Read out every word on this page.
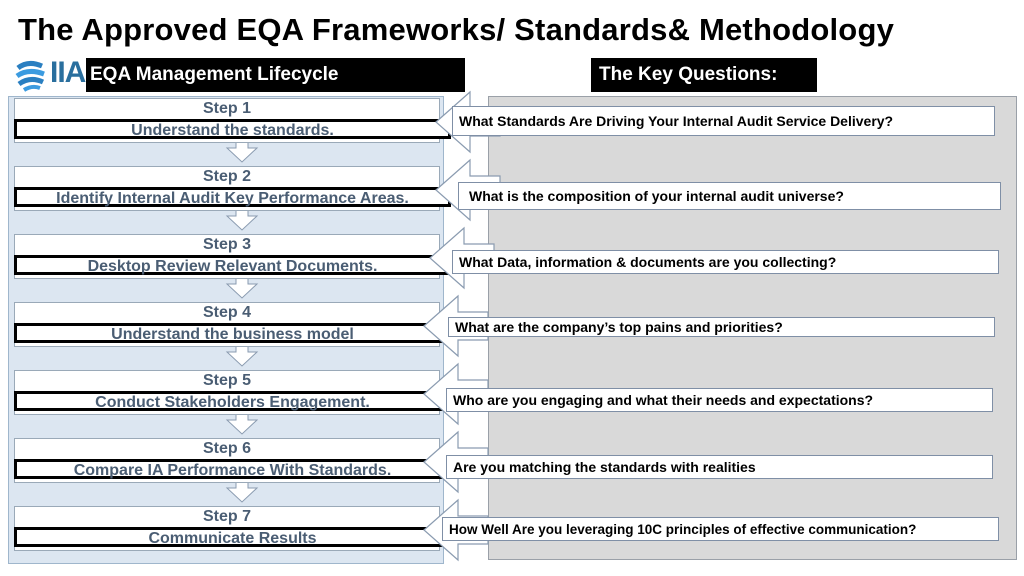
The Approved EQA Frameworks/ Standards& Methodology
IIA EQA Management Lifecycle	The Key Questions:
Step 1
Understand the standards.
Step 2
Identify Internal Audit Key Performance Areas.
Step 3
Desktop Review Relevant Documents.
Step 4
Understand the business model
Step 5
Conduct Stakeholders Engagement.
Step 6
Compare IA Performance With Standards.
Step 7
Communicate Results
What Standards Are Driving Your Internal Audit Service Delivery?
What is the composition of your internal audit universe?
What Data, information & documents are you collecting?
What are the company’s top pains and priorities?
Who are you engaging and what their needs and expectations?
Are you matching the standards with realities
How Well Are you leveraging 10C principles of effective communication?
